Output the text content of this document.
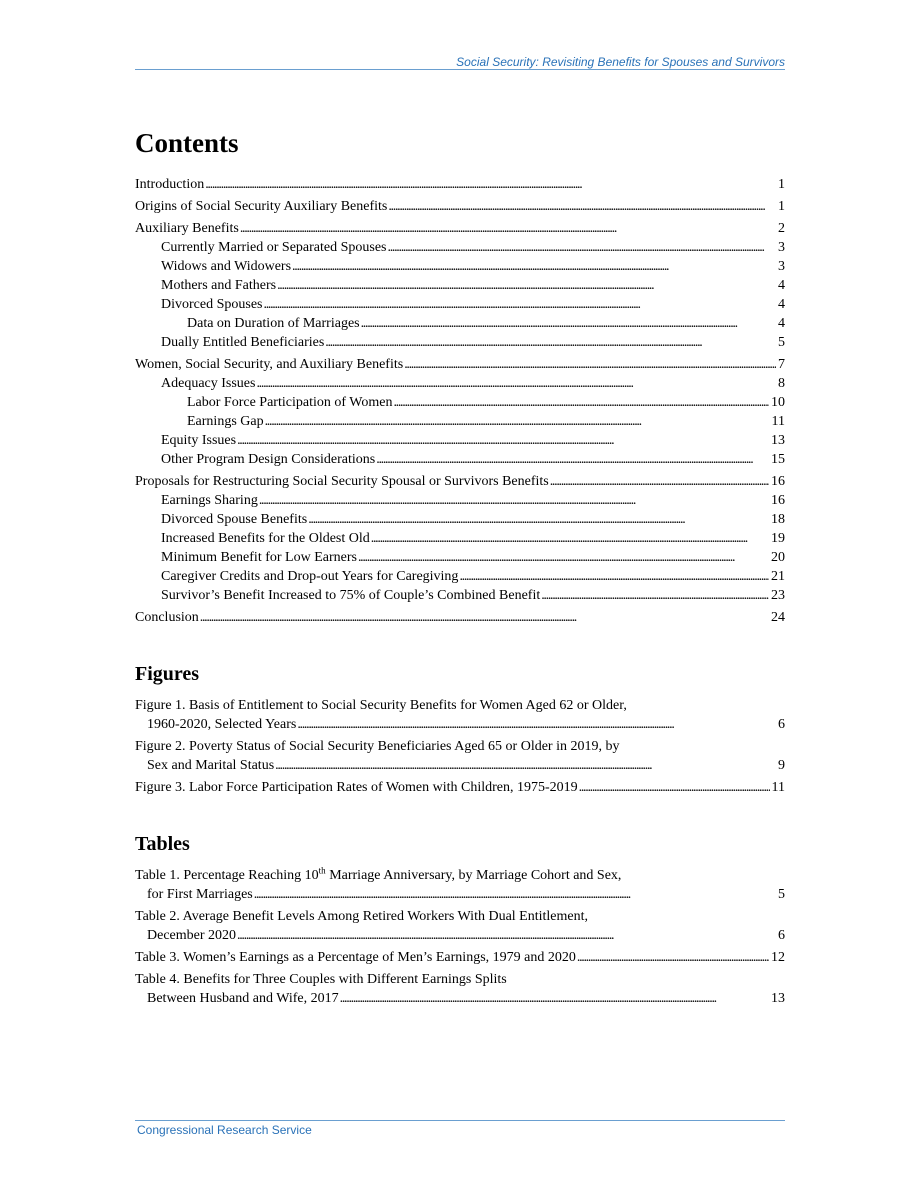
Social Security: Revisiting Benefits for Spouses and Survivors
Contents
Introduction . . .	1
Origins of Social Security Auxiliary Benefits . . .	1
Auxiliary Benefits . . .	2
Currently Married or Separated Spouses . . .	3
Widows and Widowers . . .	3
Mothers and Fathers . . .	4
Divorced Spouses . . .	4
Data on Duration of Marriages . . .	4
Dually Entitled Beneficiaries . . .	5
Women, Social Security, and Auxiliary Benefits . . .	7
Adequacy Issues . . .	8
Labor Force Participation of Women . . .	10
Earnings Gap . . .	11
Equity Issues . . .	13
Other Program Design Considerations . . .	15
Proposals for Restructuring Social Security Spousal or Survivors Benefits . . .	16
Earnings Sharing . . .	16
Divorced Spouse Benefits . . .	18
Increased Benefits for the Oldest Old . . .	19
Minimum Benefit for Low Earners . . .	20
Caregiver Credits and Drop-out Years for Caregiving . . .	21
Survivor’s Benefit Increased to 75% of Couple’s Combined Benefit . . .	23
Conclusion . . .	24
Figures
Figure 1. Basis of Entitlement to Social Security Benefits for Women Aged 62 or Older,
1960-2020, Selected Years . . .	6
Figure 2. Poverty Status of Social Security Beneficiaries Aged 65 or Older in 2019, by
Sex and Marital Status . . .	9
Figure 3. Labor Force Participation Rates of Women with Children, 1975-2019 . . .	11
Tables
Table 1. Percentage Reaching 10th Marriage Anniversary, by Marriage Cohort and Sex,
for First Marriages . . .	5
Table 2. Average Benefit Levels Among Retired Workers With Dual Entitlement,
December 2020 . . .	6
Table 3. Women’s Earnings as a Percentage of Men’s Earnings, 1979 and 2020 . . .	12
Table 4. Benefits for Three Couples with Different Earnings Splits
Between Husband and Wife, 2017 . . .	13
Congressional Research Service
